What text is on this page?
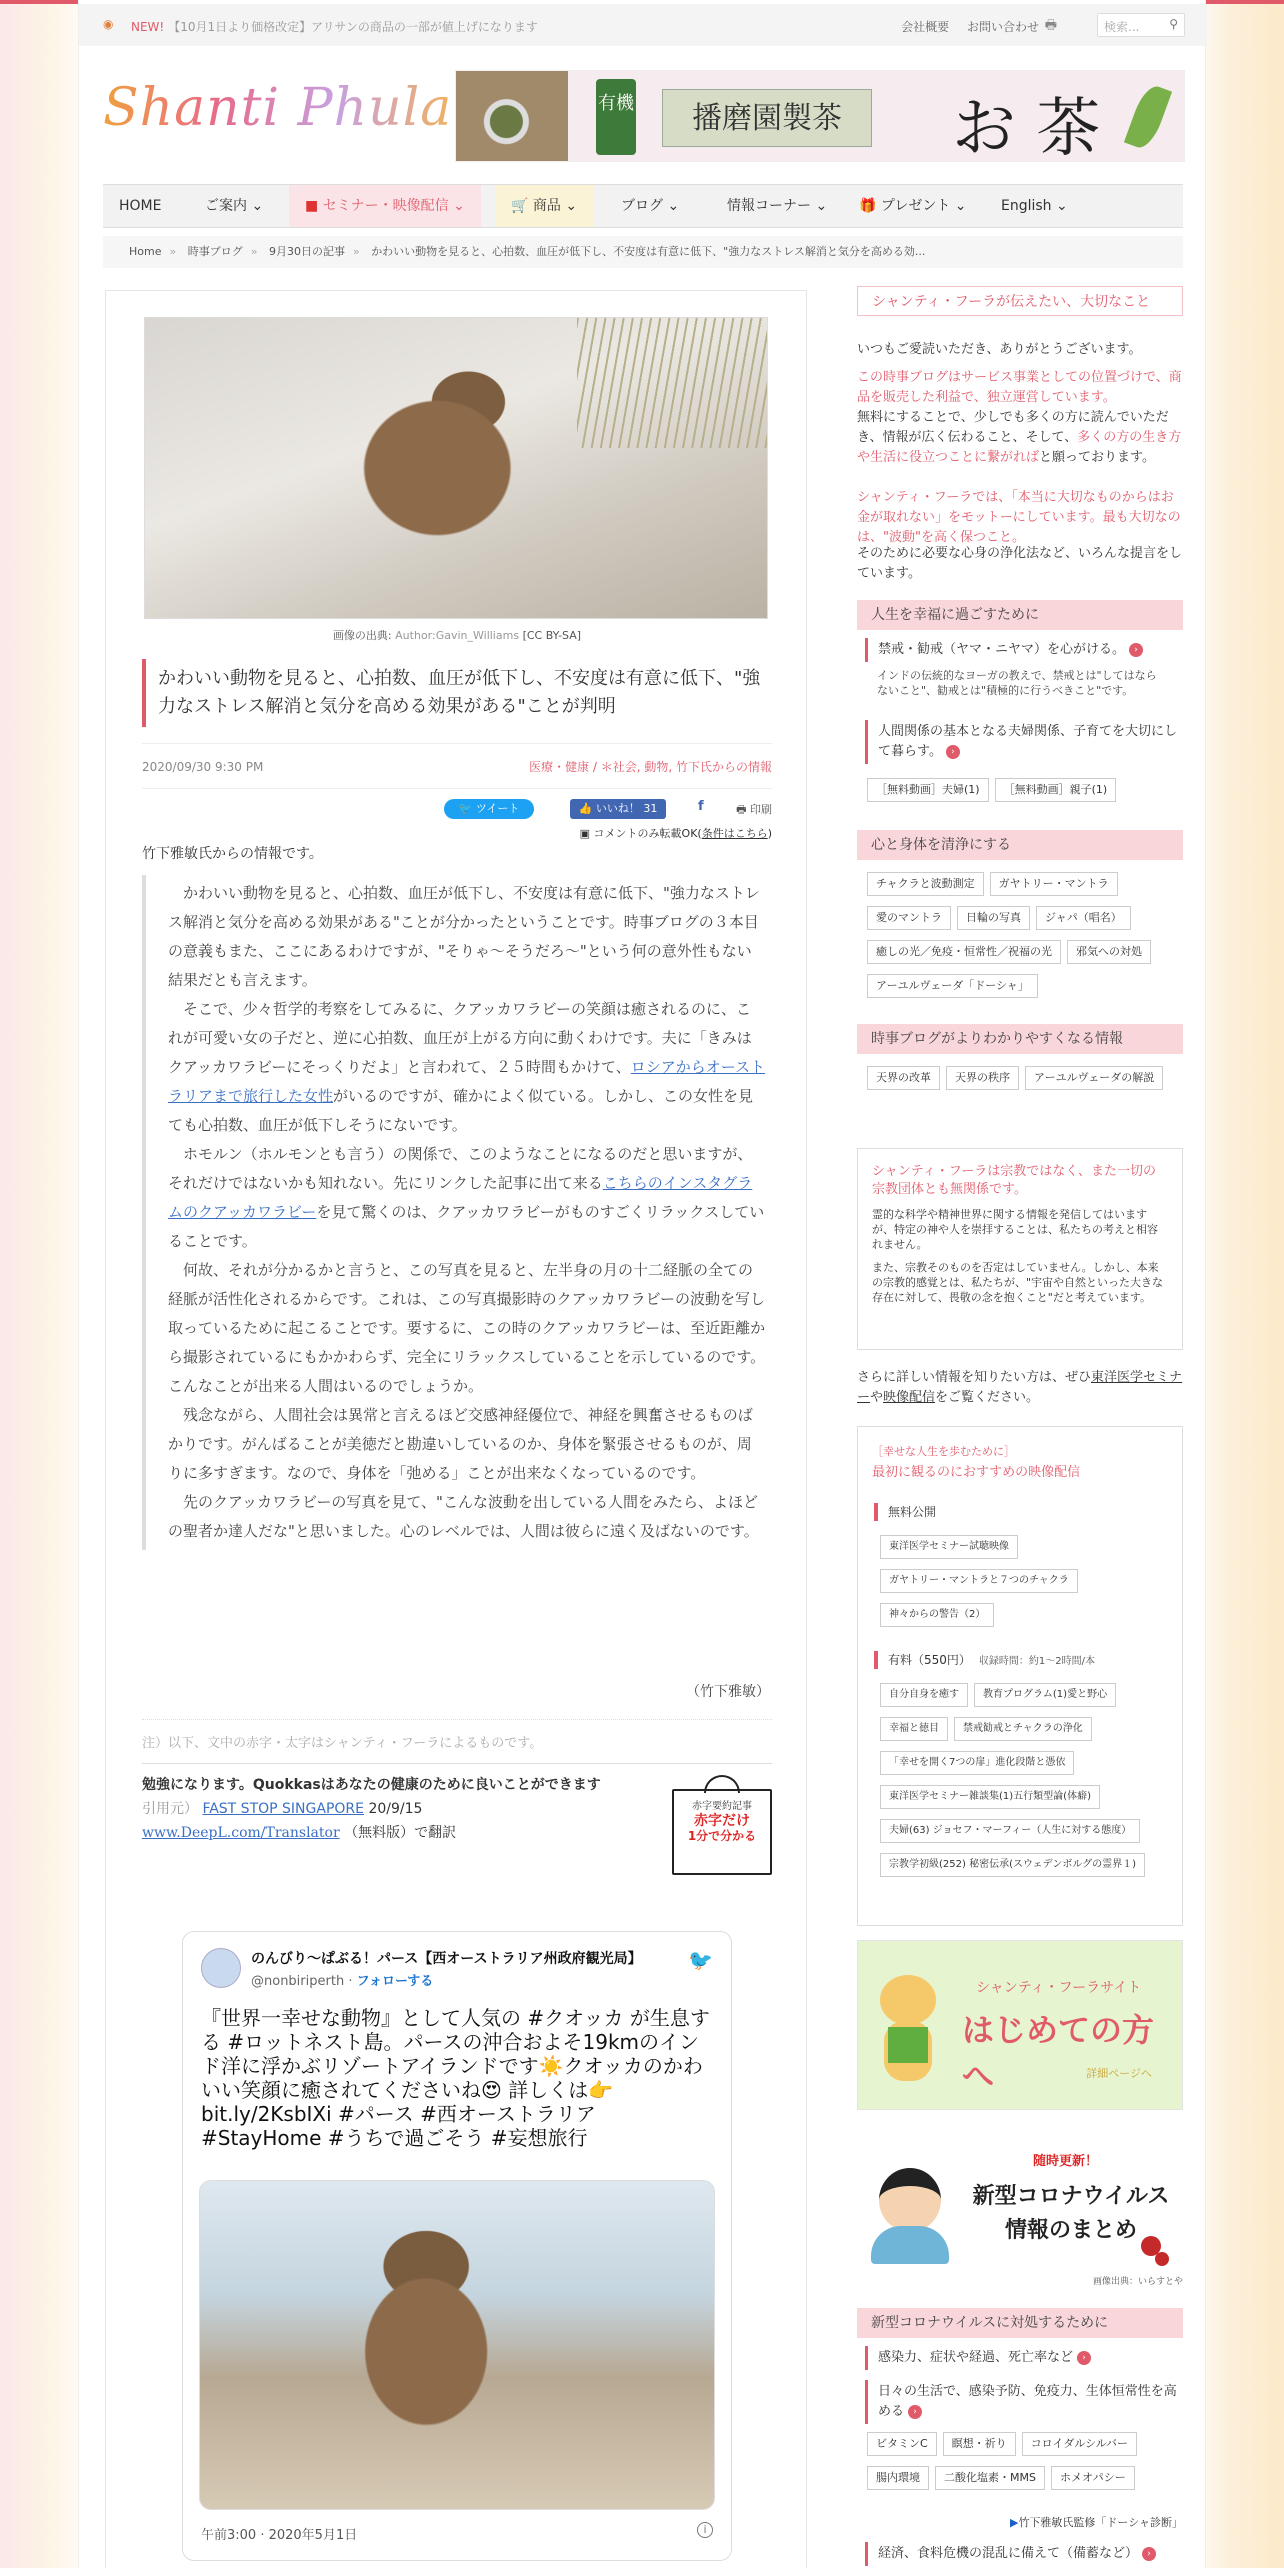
◉ NEW! 【10月1日より価格改定】アリサンの商品の一部が値上げになります	会社概要 お問い合わせ 🖶	検索... ⚲
Shanti Phula	有機	播磨園製茶	お 茶
HOME	ご案内 ⌄	■ セミナー・映像配信 ⌄	🛒 商品 ⌄	ブログ ⌄	情報コーナー ⌄	🎁 プレゼント ⌄	English ⌄
Home » 時事ブログ » 9月30日の記事 » かわいい動物を見ると、心拍数、血圧が低下し、不安度は有意に低下、"強力なストレス解消と気分を高める効...
画像の出典: Author:Gavin_Williams [CC BY-SA]
かわいい動物を見ると、心拍数、血圧が低下し、不安度は有意に低下、"強力なストレス解消と気分を高める効果がある"ことが判明
2020/09/30 9:30 PM	医療・健康 / ＊社会, 動物, 竹下氏からの情報
🐦 ツイート	👍 いいね！ 31	f	🖶 印刷
▣ コメントのみ転載OK(条件はこちら)
竹下雅敏氏からの情報です。

かわいい動物を見ると、心拍数、血圧が低下し、不安度は有意に低下、"強力なストレス解消と気分を高める効果がある"ことが分かったということです。時事ブログの３本目の意義もまた、ここにあるわけですが、"そりゃ～そうだろ～"という何の意外性もない結果だとも言えます。

そこで、少々哲学的考察をしてみるに、クアッカワラビーの笑顔は癒されるのに、これが可愛い女の子だと、逆に心拍数、血圧が上がる方向に動くわけです。夫に「きみはクアッカワラビーにそっくりだよ」と言われて、２５時間もかけて、ロシアからオーストラリアまで旅行した女性がいるのですが、確かによく似ている。しかし、この女性を見ても心拍数、血圧が低下しそうにないです。

ホモルン（ホルモンとも言う）の関係で、このようなことになるのだと思いますが、それだけではないかも知れない。先にリンクした記事に出て来るこちらのインスタグラムのクアッカワラビーを見て驚くのは、クアッカワラビーがものすごくリラックスしていることです。

何故、それが分かるかと言うと、この写真を見ると、左半身の月の十二経脈の全ての経脈が活性化されるからです。これは、この写真撮影時のクアッカワラビーの波動を写し取っているために起こることです。要するに、この時のクアッカワラビーは、至近距離から撮影されているにもかかわらず、完全にリラックスしていることを示しているのです。こんなことが出来る人間はいるのでしょうか。

残念ながら、人間社会は異常と言えるほど交感神経優位で、神経を興奮させるものばかりです。がんばることが美徳だと勘違いしているのか、身体を緊張させるものが、周りに多すぎます。なので、身体を「弛める」ことが出来なくなっているのです。

先のクアッカワラビーの写真を見て、"こんな波動を出している人間をみたら、よほどの聖者か達人だな"と思いました。心のレベルでは、人間は彼らに遠く及ばないのです。

（竹下雅敏）
注）以下、文中の赤字・太字はシャンティ・フーラによるものです。
勉強になります。Quokkasはあなたの健康のために良いことができます
引用元） FAST STOP SINGAPORE 20/9/15
www.DeepL.com/Translator （無料版）で翻訳
赤字要約記事
赤字だけ
1分で分かる
のんびり〜ぱぶる！パース【西オーストラリア州政府観光局】
@nonbiriperth · フォローする
🐦
『世界一幸せな動物』として人気の #クオッカ が生息する #ロットネスト島。パースの沖合およそ19kmのインド洋に浮かぶリゾートアイランドです☀️クオッカのかわいい笑顔に癒されてくださいね😍 詳しくは👉bit.ly/2KsbIXi #パース #西オーストラリア #StayHome #うちで過ごそう #妄想旅行
午前3:00 · 2020年5月1日	i
シャンティ・フーラが伝えたい、大切なこと
いつもご愛読いただき、ありがとうございます。
この時事ブログはサービス事業としての位置づけで、商品を販売した利益で、独立運営しています。
無料にすることで、少しでも多くの方に読んでいただき、情報が広く伝わること、そして、多くの方の生き方や生活に役立つことに繋がればと願っております。
シャンティ・フーラでは、「本当に大切なものからはお金が取れない」をモットーにしています。最も大切なのは、"波動"を高く保つこと。
そのために必要な心身の浄化法など、いろんな提言をしています。
人生を幸福に過ごすために
禁戒・勧戒（ヤマ・ニヤマ）を心がける。 ›
インドの伝統的なヨーガの教えで、禁戒とは"してはならないこと"、勧戒とは"積極的に行うべきこと"です。
人間関係の基本となる夫婦関係、子育てを大切にして暮らす。 ›
［無料動画］夫婦(1) ［無料動画］親子(1)
心と身体を清浄にする
チャクラと波動測定 ガヤトリー・マントラ愛のマントラ 日輪の写真 ジャパ（唱名）癒しの光／免疫・恒常性／祝福の光 邪気への対処アーユルヴェーダ「ドーシャ」
時事ブログがよりわかりやすくなる情報
天界の改革 天界の秩序 アーユルヴェーダの解説
シャンティ・フーラは宗教ではなく、また一切の宗教団体とも無関係です。
霊的な科学や精神世界に関する情報を発信してはいますが、特定の神や人を崇拝することは、私たちの考えと相容れません。
また、宗教そのものを否定はしていません。しかし、本来の宗教的感覚とは、私たちが、"宇宙や自然といった大きな存在に対して、畏敬の念を抱くこと"だと考えています。
さらに詳しい情報を知りたい方は、ぜひ東洋医学セミナーや映像配信をご覧ください。
［幸せな人生を歩むために］
最初に観るのにおすすめの映像配信
無料公開
東洋医学セミナー試聴映像ガヤトリー・マントラと７つのチャクラ神々からの警告（2）
有料（550円） 収録時間：約1〜2時間/本
自分自身を癒す 教育プログラム(1)愛と野心幸福と徳目 禁戒勧戒とチャクラの浄化「幸せを開く7つの扉」進化段階と憑依東洋医学セミナー雑談集(1)五行類型論(体癖)夫婦(63) ジョセフ・マーフィー（人生に対する態度）宗教学初級(252) 秘密伝承(スウェデンボルグの霊界１)
シャンティ・フーラサイト
はじめての方へ	詳細ページへ
随時更新！
新型コロナウイルス情報のまとめ
画像出典：いらすとや
新型コロナウイルスに対処するために
感染力、症状や経過、死亡率など ›
日々の生活で、感染予防、免疫力、生体恒常性を高める ›
ビタミンC 瞑想・祈り コロイダルシルバー腸内環境 二酸化塩素・MMS ホメオパシー
▶竹下雅敏氏監修「ドーシャ診断」
経済、食料危機の混乱に備えて（備蓄など） ›
